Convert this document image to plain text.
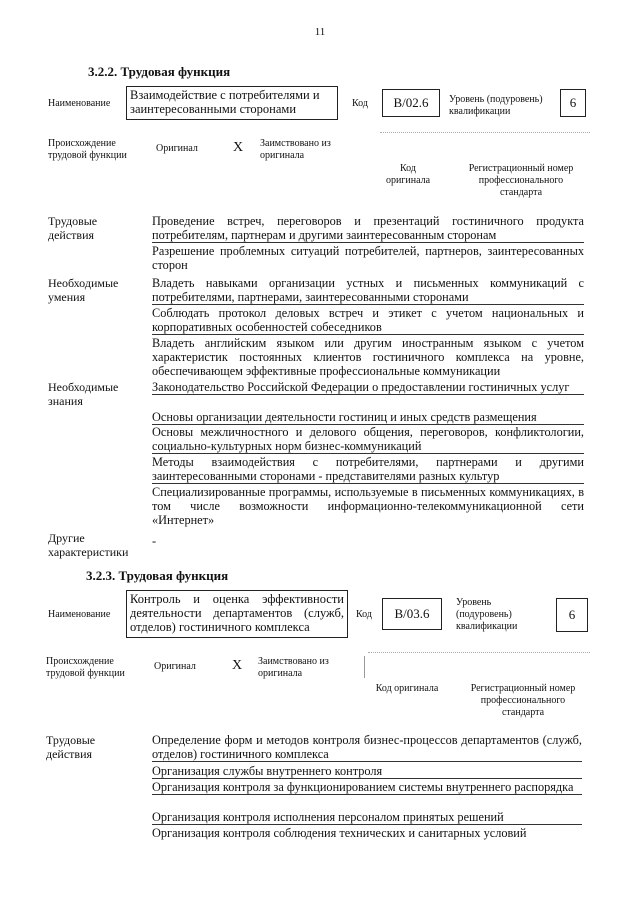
11
3.2.2. Трудовая функция
Наименование
Взаимодействие с потребителями и заинтересованными сторонами	Код	B/02.6	Уровень (подуровень) квалификации
6
Происхождение трудовой функции
Оригинал	X Заимствовано из оригинала
Код оригинала
Регистрационный номер профессионального стандарта
Трудовые действия
Проведение встреч, переговоров и презентаций гостиничного продукта потребителям, партнерам и другими заинтересованным сторонам
Разрешение проблемных ситуаций потребителей, партнеров, заинтересованных сторон
Необходимые умения
Владеть навыками организации устных и письменных коммуникаций с потребителями, партнерами, заинтересованными сторонами
Соблюдать протокол деловых встреч и этикет с учетом национальных и корпоративных особенностей собеседников
Владеть английским языком или другим иностранным языком с учетом характеристик постоянных клиентов гостиничного комплекса на уровне, обеспечивающем эффективные профессиональные коммуникации
Необходимые знания
Законодательство Российской Федерации о предоставлении гостиничных услуг
Основы организации деятельности гостиниц и иных средств размещения
Основы межличностного и делового общения, переговоров, конфликтологии, социально-культурных норм бизнес-коммуникаций
Методы взаимодействия с потребителями, партнерами и другими заинтересованными сторонами - представителями разных культур
Специализированные программы, используемые в письменных коммуникациях, в том числе возможности информационно-телекоммуникационной сети «Интернет»
Другие характеристики
-
3.2.3. Трудовая функция
Наименование
Контроль и оценка эффективности деятельности департаментов (служб, отделов) гостиничного комплекса
Код	B/03.6
Уровень (подуровень) квалификации
6
Происхождение трудовой функции
Оригинал	X Заимствовано из оригинала
Код оригинала	Регистрационный номер профессионального стандарта
Трудовые действия
Определение форм и методов контроля бизнес-процессов департаментов (служб, отделов) гостиничного комплекса
Организация службы внутреннего контроля
Организация контроля за функционированием системы внутреннего распорядка
Организация контроля исполнения персоналом принятых решений
Организация контроля соблюдения технических и санитарных условий
